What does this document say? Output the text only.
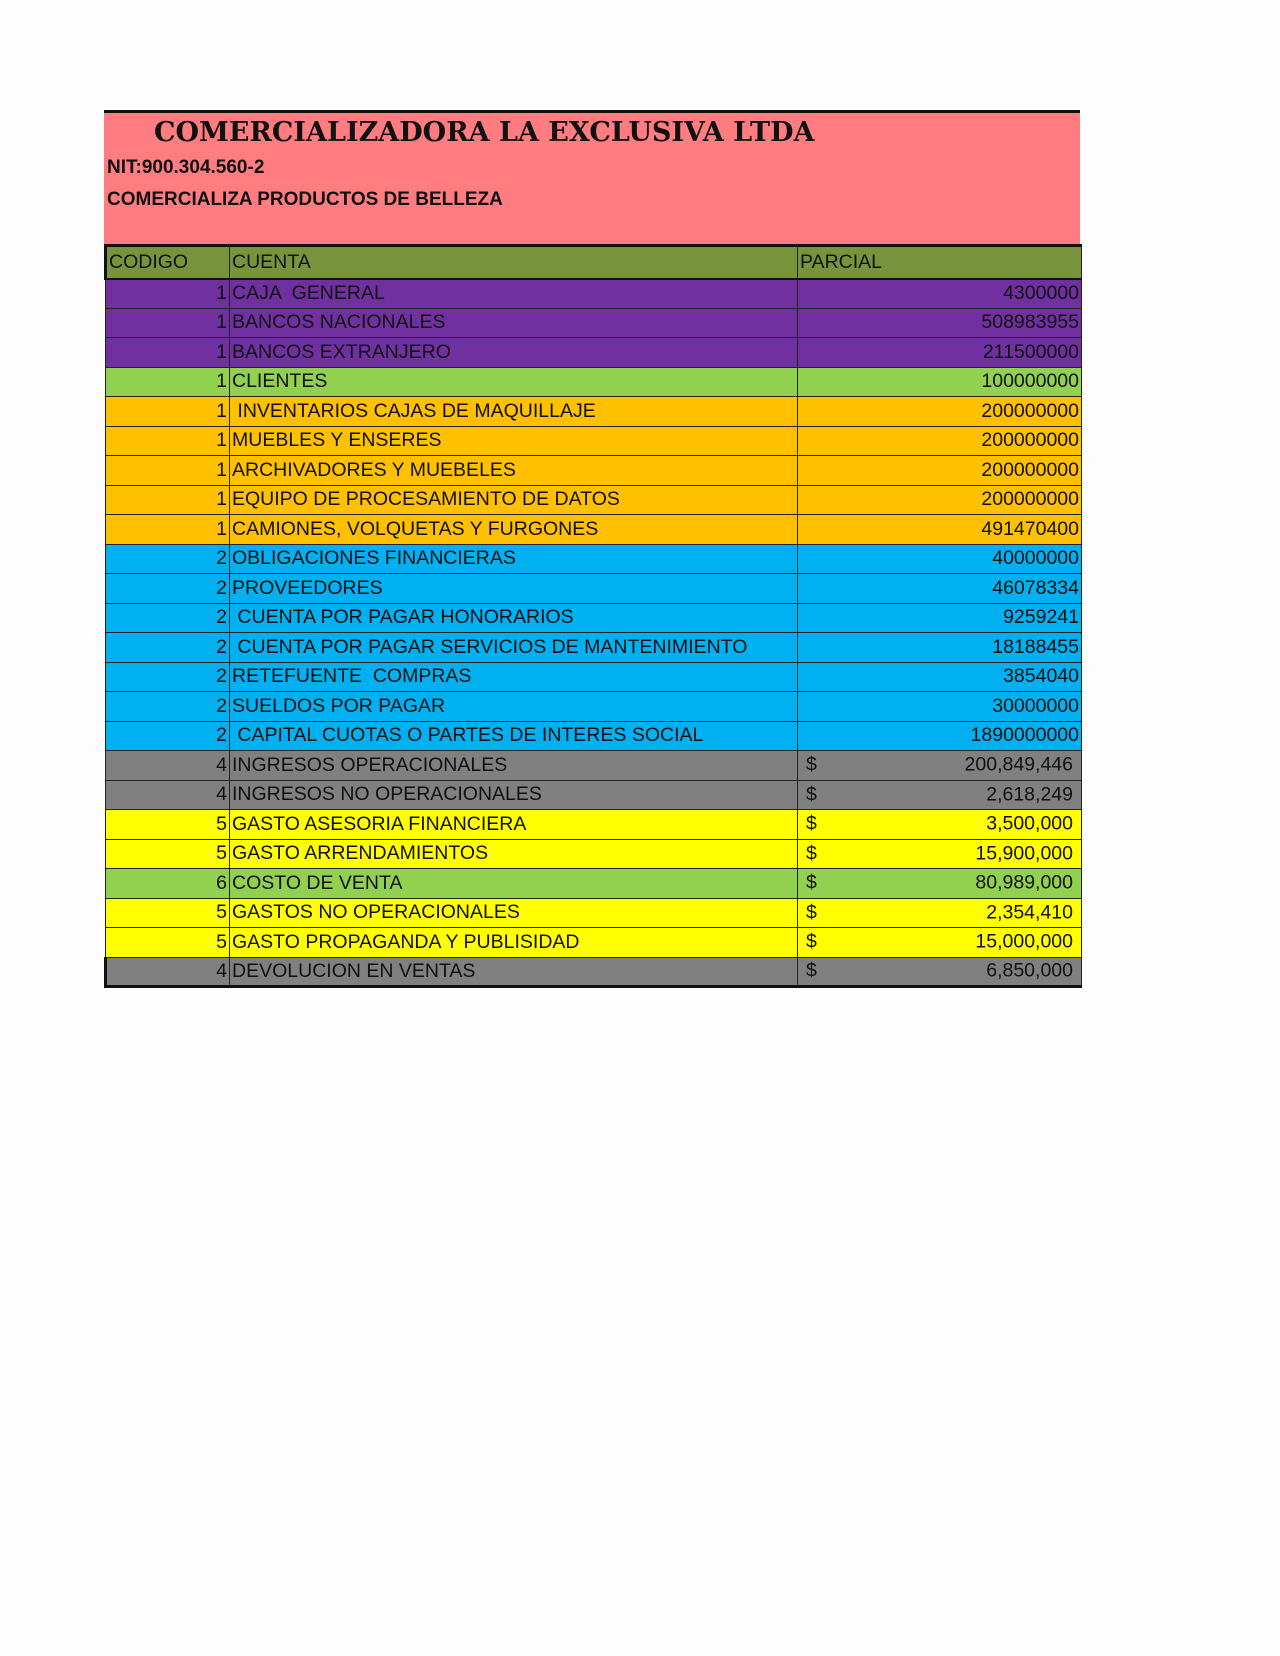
COMERCIALIZADORA LA EXCLUSIVA LTDA
NIT:900.304.560-2
COMERCIALIZA PRODUCTOS DE BELLEZA
CODIGO	CUENTA	PARCIAL
1	CAJA  GENERAL	4300000
1	BANCOS NACIONALES	508983955
1	BANCOS EXTRANJERO	211500000
1	CLIENTES	100000000
1	INVENTARIOS CAJAS DE MAQUILLAJE	200000000
1	MUEBLES Y ENSERES	200000000
1	ARCHIVADORES Y MUEBELES	200000000
1	EQUIPO DE PROCESAMIENTO DE DATOS	200000000
1	CAMIONES, VOLQUETAS Y FURGONES	491470400
2	OBLIGACIONES FINANCIERAS	40000000
2	PROVEEDORES	46078334
2	CUENTA POR PAGAR HONORARIOS	9259241
2	CUENTA POR PAGAR SERVICIOS DE MANTENIMIENTO	18188455
2	RETEFUENTE  COMPRAS	3854040
2	SUELDOS POR PAGAR	30000000
2	CAPITAL CUOTAS O PARTES DE INTERES SOCIAL	1890000000
4	INGRESOS OPERACIONALES	$ 200,849,446

4	INGRESOS NO OPERACIONALES	$ 2,618,249

5	GASTO ASESORIA FINANCIERA	$ 3,500,000

5	GASTO ARRENDAMIENTOS	$ 15,900,000

6	COSTO DE VENTA	$ 80,989,000

5	GASTOS NO OPERACIONALES	$ 2,354,410

5	GASTO PROPAGANDA Y PUBLISIDAD	$ 15,000,000

4	DEVOLUCION EN VENTAS	$ 6,850,000
